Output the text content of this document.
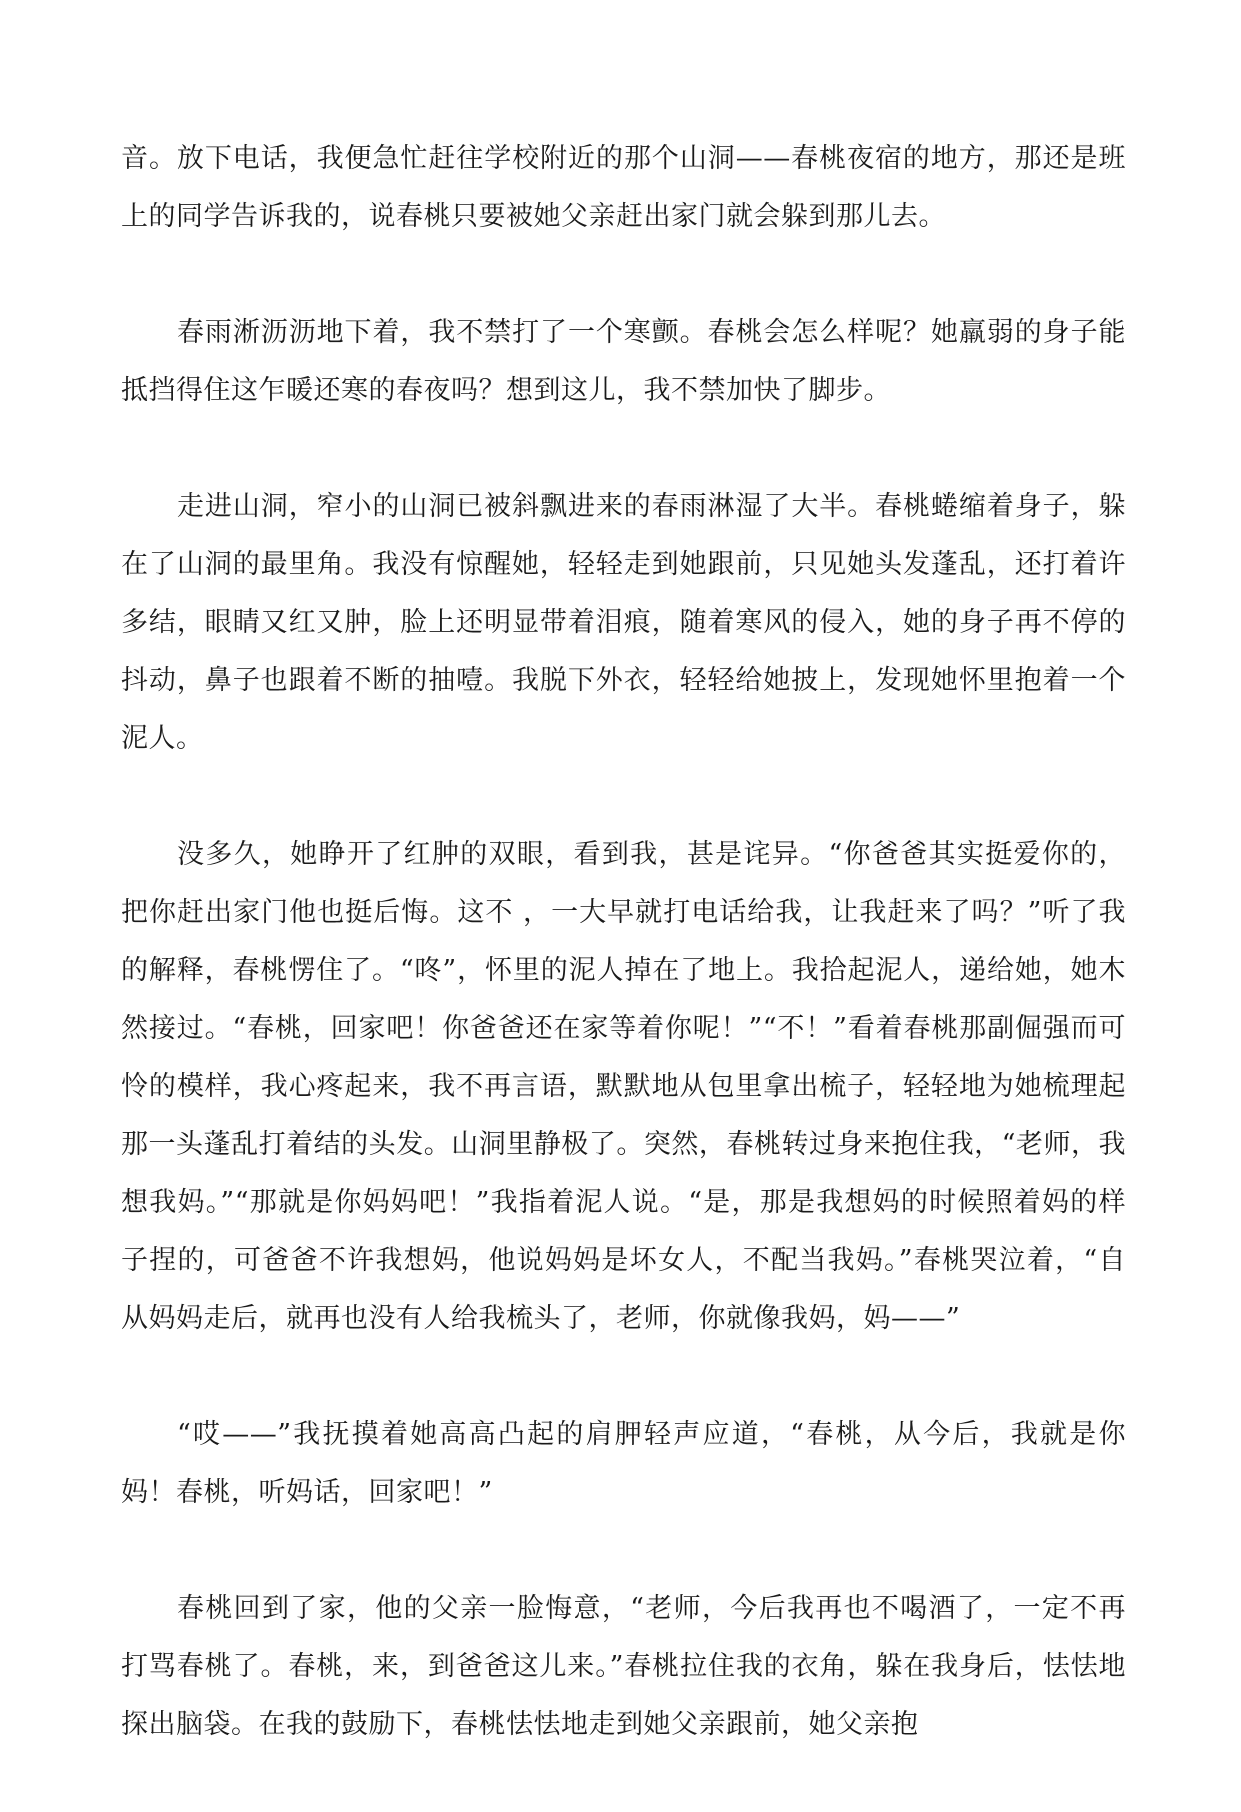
音。放下电话，我便急忙赶往学校附近的那个山洞——春桃夜宿的地方，那还是班上的同学告诉我的，说春桃只要被她父亲赶出家门就会躲到那儿去。

春雨淅沥沥地下着，我不禁打了一个寒颤。春桃会怎么样呢？她羸弱的身子能抵挡得住这乍暖还寒的春夜吗？想到这儿，我不禁加快了脚步。

走进山洞，窄小的山洞已被斜飘进来的春雨淋湿了大半。春桃蜷缩着身子，躲在了山洞的最里角。我没有惊醒她，轻轻走到她跟前，只见她头发蓬乱，还打着许多结，眼睛又红又肿，脸上还明显带着泪痕，随着寒风的侵入，她的身子再不停的抖动，鼻子也跟着不断的抽噎。我脱下外衣，轻轻给她披上，发现她怀里抱着一个泥人。

没多久，她睁开了红肿的双眼，看到我，甚是诧异。“你爸爸其实挺爱你的，把你赶出家门他也挺后悔。这不 ，一大早就打电话给我，让我赶来了吗？”听了我的解释，春桃愣住了。“咚”，怀里的泥人掉在了地上。我拾起泥人，递给她，她木然接过。“春桃，回家吧！你爸爸还在家等着你呢！”“不！”看着春桃那副倔强而可怜的模样，我心疼起来，我不再言语，默默地从包里拿出梳子，轻轻地为她梳理起那一头蓬乱打着结的头发。山洞里静极了。突然，春桃转过身来抱住我，“老师，我想我妈。”“那就是你妈妈吧！”我指着泥人说。“是，那是我想妈的时候照着妈的样子捏的，可爸爸不许我想妈，他说妈妈是坏女人，不配当我妈。”春桃哭泣着，“自从妈妈走后，就再也没有人给我梳头了，老师，你就像我妈，妈——”

“哎——”我抚摸着她高高凸起的肩胛轻声应道，“春桃，从今后，我就是你妈！春桃，听妈话，回家吧！”

春桃回到了家，他的父亲一脸悔意，“老师，今后我再也不喝酒了，一定不再打骂春桃了。春桃，来，到爸爸这儿来。”春桃拉住我的衣角，躲在我身后，怯怯地探出脑袋。在我的鼓励下，春桃怯怯地走到她父亲跟前，她父亲抱
